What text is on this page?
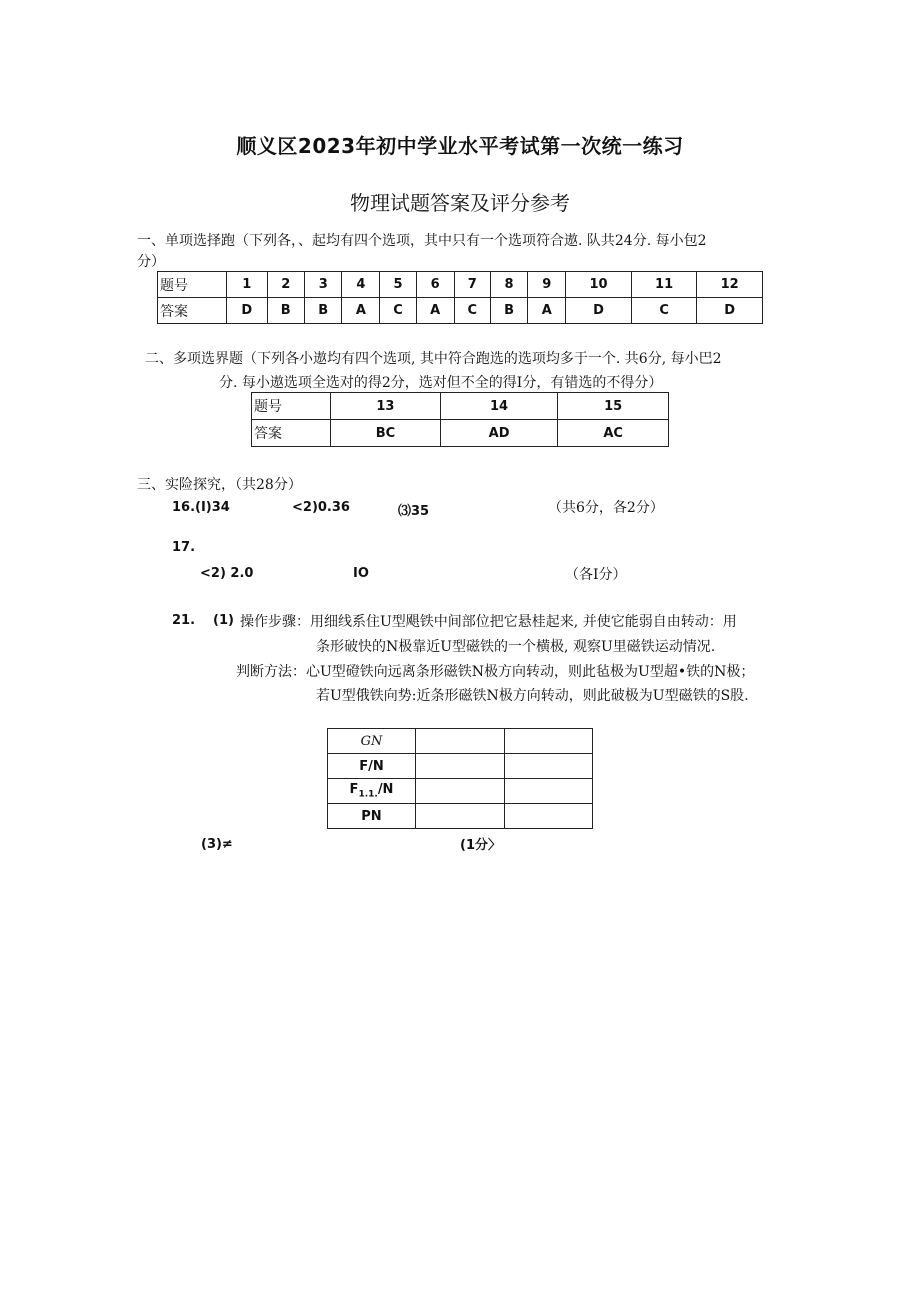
顺义区2023年初中学业水平考试第一次统一练习
物理试题答案及评分参考
一、单项选择跑（下列各，、起均有四个选项，其中只有一个选项符合遨. 队共24分. 每小包2
分）
题号	1	2	3	4	5	6	7	8	9	10	11	12
答案	D	B	B	A	C	A	C	B	A	D	C	D
二、多项选界题（下列各小遨均有四个选项, 其中符合跑选的选项均多于一个. 共6分, 每小巴2
分. 每小遨选项全选对的得2分，选对但不全的得I分，有错选的不得分）
题号	13	14	15
答案	BC	AD	AC
三、实险探究，（共28分）
16.(I)34	<2)0.36	⑶35	（共6分，各2分）
17.
<2) 2.0	IO	（各I分）
21. (1) 操作步骤：用细线系住U型飓铁中间部位把它悬桂起来, 并使它能弱自由转动：用
条形破快的N极靠近U型磁铁的一个横极, 观察U里磁铁运动情况.
判断方法：心U型磴铁向远离条形磁铁N极方向转动，则此毡极为U型超•铁的N极；
若U型俄铁向势:近条形磁铁N极方向转动，则此破极为U型磁铁的S股.
GN		
F/N		
$F_{1.1.}/N$		
PN		
(3)≠	(1分〉
